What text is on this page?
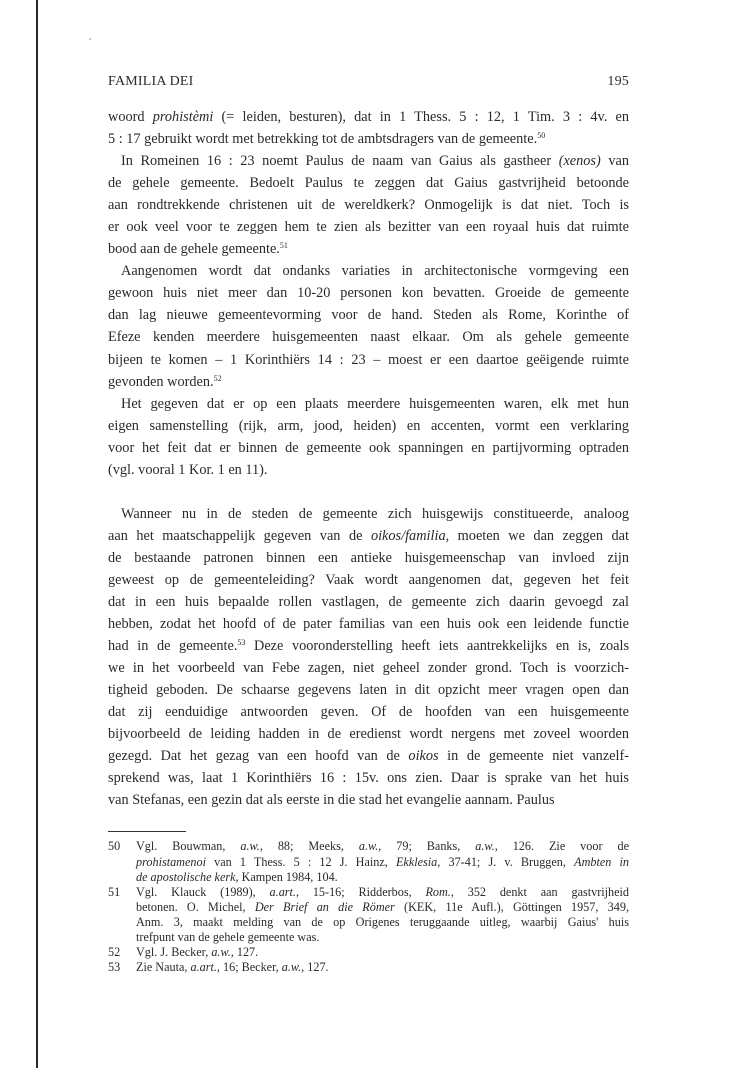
FAMILIA DEI	195
woord prohistèmi (= leiden, besturen), dat in 1 Thess. 5 : 12, 1 Tim. 3 : 4v. en
5 : 17 gebruikt wordt met betrekking tot de ambtsdragers van de gemeente.$^{50}$
In Romeinen 16 : 23 noemt Paulus de naam van Gaius als gastheer (xenos) van
de gehele gemeente. Bedoelt Paulus te zeggen dat Gaius gastvrijheid betoonde
aan rondtrekkende christenen uit de wereldkerk? Onmogelijk is dat niet. Toch is
er ook veel voor te zeggen hem te zien als bezitter van een royaal huis dat ruimte
bood aan de gehele gemeente.$^{51}$
Aangenomen wordt dat ondanks variaties in architectonische vormgeving een
gewoon huis niet meer dan 10-20 personen kon bevatten. Groeide de gemeente
dan lag nieuwe gemeentevorming voor de hand. Steden als Rome, Korinthe of
Efeze kenden meerdere huisgemeenten naast elkaar. Om als gehele gemeente
bijeen te komen – 1 Korinthiërs 14 : 23 – moest er een daartoe geëigende ruimte
gevonden worden.$^{52}$
Het gegeven dat er op een plaats meerdere huisgemeenten waren, elk met hun
eigen samenstelling (rijk, arm, jood, heiden) en accenten, vormt een verklaring
voor het feit dat er binnen de gemeente ook spanningen en partijvorming optraden
(vgl. vooral 1 Kor. 1 en 11).
Wanneer nu in de steden de gemeente zich huisgewijs constitueerde, analoog
aan het maatschappelijk gegeven van de oikos/familia, moeten we dan zeggen dat
de bestaande patronen binnen een antieke huisgemeenschap van invloed zijn
geweest op de gemeenteleiding? Vaak wordt aangenomen dat, gegeven het feit
dat in een huis bepaalde rollen vastlagen, de gemeente zich daarin gevoegd zal
hebben, zodat het hoofd of de pater familias van een huis ook een leidende functie
had in de gemeente.$^{53}$ Deze vooronderstelling heeft iets aantrekkelijks en is, zoals
we in het voorbeeld van Febe zagen, niet geheel zonder grond. Toch is voorzich-
tigheid geboden. De schaarse gegevens laten in dit opzicht meer vragen open dan
dat zij eenduidige antwoorden geven. Of de hoofden van een huisgemeente
bijvoorbeeld de leiding hadden in de eredienst wordt nergens met zoveel woorden
gezegd. Dat het gezag van een hoofd van de oikos in de gemeente niet vanzelf-
sprekend was, laat 1 Korinthiërs 16 : 15v. ons zien. Daar is sprake van het huis
van Stefanas, een gezin dat als eerste in die stad het evangelie aannam. Paulus
50 Vgl. Bouwman, a.w., 88; Meeks, a.w., 79; Banks, a.w., 126. Zie voor de
prohistamenoi van 1 Thess. 5 : 12 J. Hainz, Ekklesia, 37-41; J. v. Bruggen, Ambten in
de apostolische kerk, Kampen 1984, 104.
51 Vgl. Klauck (1989), a.art., 15-16; Ridderbos, Rom., 352 denkt aan gastvrijheid
betonen. O. Michel, Der Brief an die Römer (KEK, 11e Aufl.), Göttingen 1957, 349,
Anm. 3, maakt melding van de op Origenes teruggaande uitleg, waarbij Gaius' huis
trefpunt van de gehele gemeente was.
52 Vgl. J. Becker, a.w., 127.
53 Zie Nauta, a.art., 16; Becker, a.w., 127.
